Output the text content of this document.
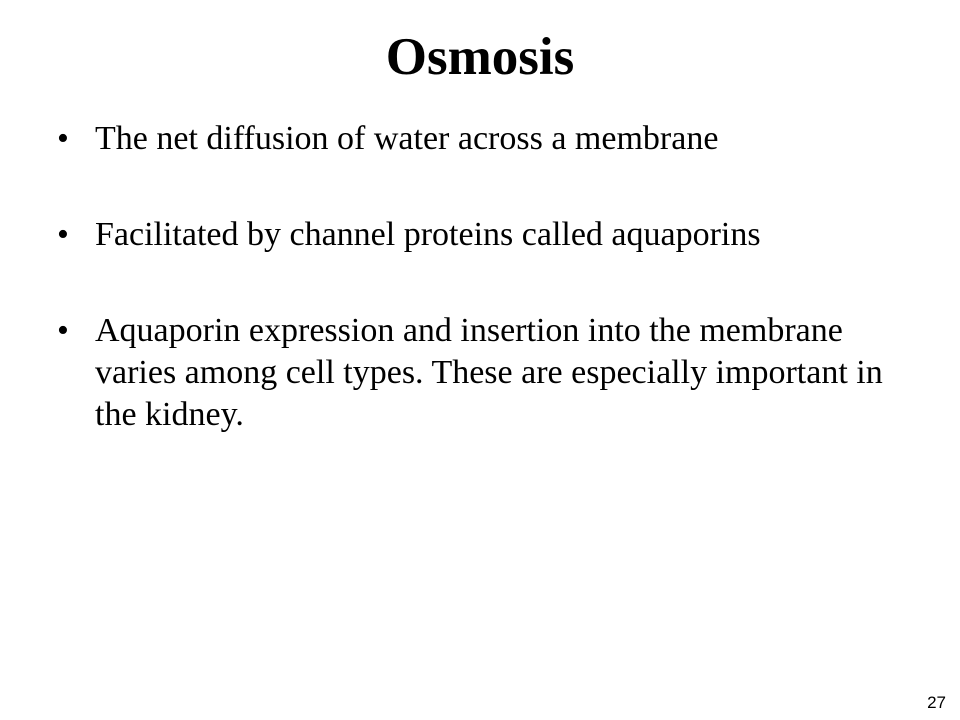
Osmosis
• The net diffusion of water across a membrane
• Facilitated by channel proteins called aquaporins
• Aquaporin expression and insertion into the membrane varies among cell types. These are especially important in the kidney.
27
